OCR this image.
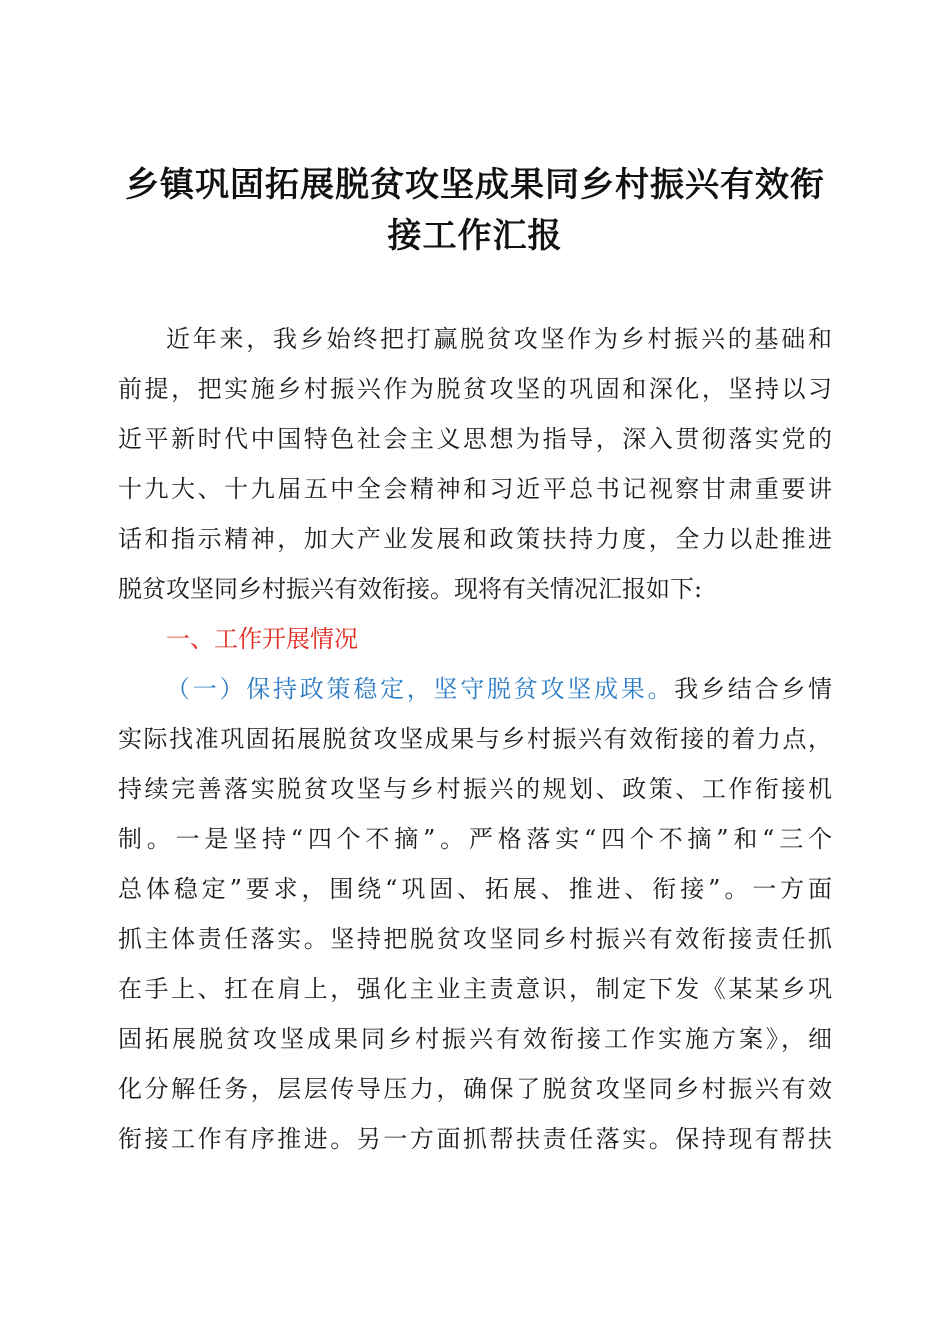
乡镇巩固拓展脱贫攻坚成果同乡村振兴有效衔
接工作汇报
近年来，我乡始终把打赢脱贫攻坚作为乡村振兴的基础和
前提，把实施乡村振兴作为脱贫攻坚的巩固和深化，坚持以习
近平新时代中国特色社会主义思想为指导，深入贯彻落实党的
十九大、十九届五中全会精神和习近平总书记视察甘肃重要讲
话和指示精神，加大产业发展和政策扶持力度，全力以赴推进
脱贫攻坚同乡村振兴有效衔接。现将有关情况汇报如下:
一、工作开展情况
（一）保持政策稳定，坚守脱贫攻坚成果。我乡结合乡情
实际找准巩固拓展脱贫攻坚成果与乡村振兴有效衔接的着力点，
持续完善落实脱贫攻坚与乡村振兴的规划、政策、工作衔接机
制。一是坚持“四个不摘”。严格落实“四个不摘”和“三个
总体稳定”要求，围绕“巩固、拓展、推进、衔接”。一方面
抓主体责任落实。坚持把脱贫攻坚同乡村振兴有效衔接责任抓
在手上、扛在肩上，强化主业主责意识，制定下发《某某乡巩
固拓展脱贫攻坚成果同乡村振兴有效衔接工作实施方案》，细
化分解任务，层层传导压力，确保了脱贫攻坚同乡村振兴有效
衔接工作有序推进。另一方面抓帮扶责任落实。保持现有帮扶
